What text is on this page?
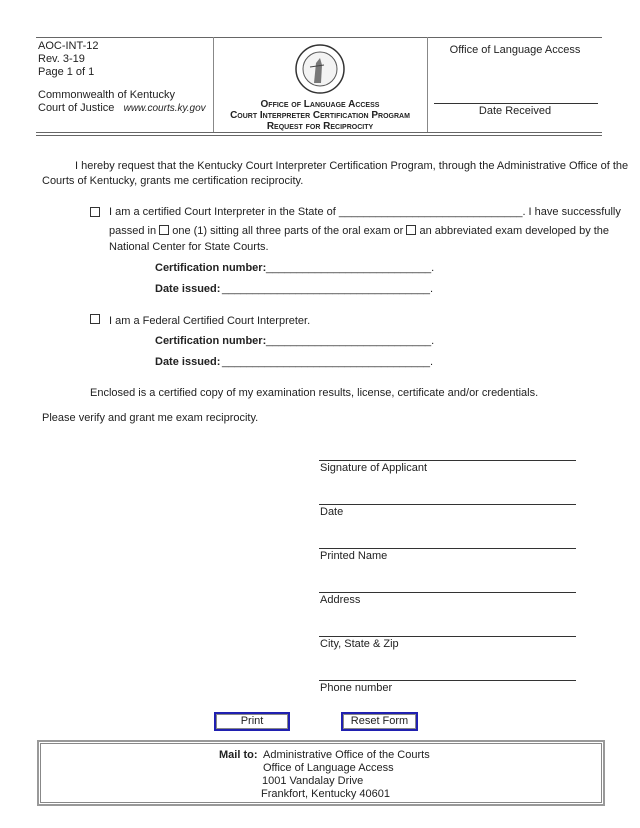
AOC-INT-12
Rev. 3-19
Page 1 of 1
Commonwealth of Kentucky
Court of Justice www.courts.ky.gov	Office of Language Access
Court Interpreter Certification Program
Request for Reciprocity
Office of Language Access
Date Received
I hereby request that the Kentucky Court Interpreter Certification Program, through the Administrative Office of the
Courts of Kentucky, grants me certification reciprocity.
I am a certified Court Interpreter in the State of ______________________________. I have successfully
passed in one (1) sitting all three parts of the oral exam or an abbreviated exam developed by the
National Center for State Courts.
Certification number: ___________________________.
Date issued: __________________________________.
I am a Federal Certified Court Interpreter.
Certification number: ___________________________.
Date issued: __________________________________.
Enclosed is a certified copy of my examination results, license, certificate and/or credentials.
Please verify and grant me exam reciprocity.
Signature of Applicant
Date
Printed Name
Address
City, State & Zip
Phone number
Print	Reset Form
Mail to: Administrative Office of the Courts
Office of Language Access
1001 Vandalay Drive
Frankfort, Kentucky 40601
